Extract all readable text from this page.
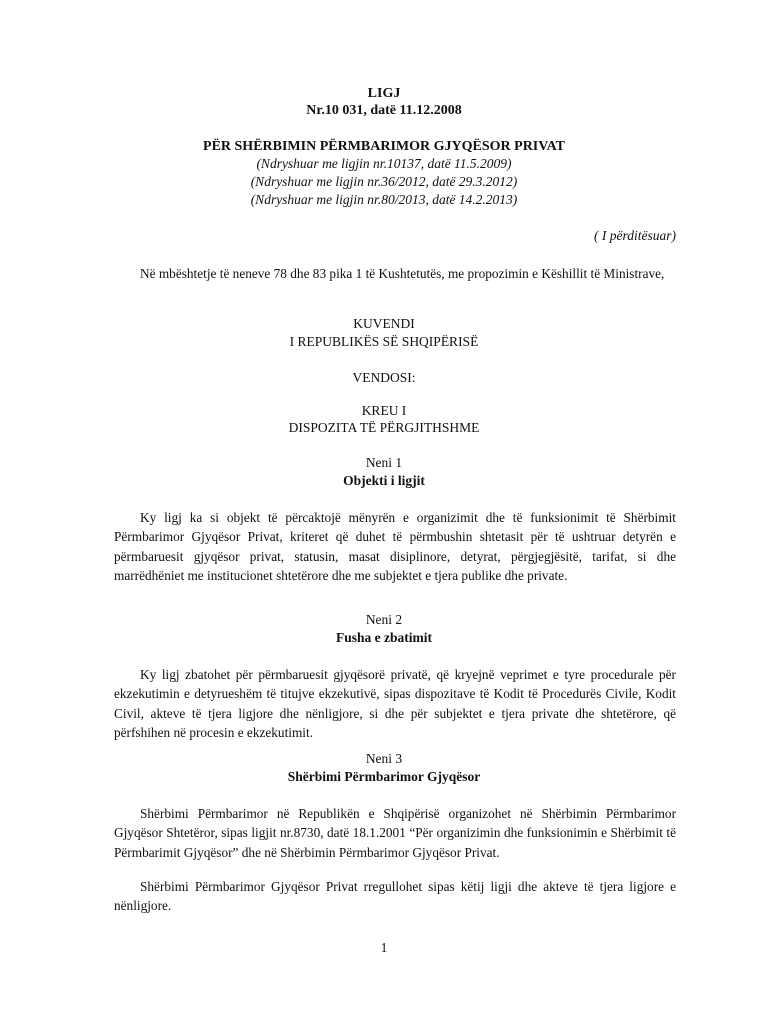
LIGJ
Nr.10 031, datë 11.12.2008
PËR SHËRBIMIN PËRMBARIMOR GJYQËSOR PRIVAT
(Ndryshuar me ligjin nr.10137, datë 11.5.2009)
(Ndryshuar me ligjin nr.36/2012, datë 29.3.2012)
(Ndryshuar me ligjin nr.80/2013, datë 14.2.2013)
( I përditësuar)
Në mbështetje të neneve 78 dhe 83 pika 1 të Kushtetutës, me propozimin e Këshillit të Ministrave,
KUVENDI
I REPUBLIKËS SË SHQIPËRISË
VENDOSI:
KREU I
DISPOZITA TË PËRGJITHSHME
Neni 1
Objekti i ligjit
Ky ligj ka si objekt të përcaktojë mënyrën e organizimit dhe të funksionimit të Shërbimit Përmbarimor Gjyqësor Privat, kriteret që duhet të përmbushin shtetasit për të ushtruar detyrën e përmbaruesit gjyqësor privat, statusin, masat disiplinore, detyrat, përgjegjësitë, tarifat, si dhe marrëdhëniet me institucionet shtetërore dhe me subjektet e tjera publike dhe private.
Neni 2
Fusha e zbatimit
Ky ligj zbatohet për përmbaruesit gjyqësorë privatë, që kryejnë veprimet e tyre procedurale për ekzekutimin e detyrueshëm të titujve ekzekutivë, sipas dispozitave të Kodit të Procedurës Civile, Kodit Civil, akteve të tjera ligjore dhe nënligjore, si dhe për subjektet e tjera private dhe shtetërore, që përfshihen në procesin e ekzekutimit.
Neni 3
Shërbimi Përmbarimor Gjyqësor
Shërbimi Përmbarimor në Republikën e Shqipërisë organizohet në Shërbimin Përmbarimor Gjyqësor Shtetëror, sipas ligjit nr.8730, datë 18.1.2001 “Për organizimin dhe funksionimin e Shërbimit të Përmbarimit Gjyqësor” dhe në Shërbimin Përmbarimor Gjyqësor Privat.
Shërbimi Përmbarimor Gjyqësor Privat rregullohet sipas këtij ligji dhe akteve të tjera ligjore e nënligjore.
1
